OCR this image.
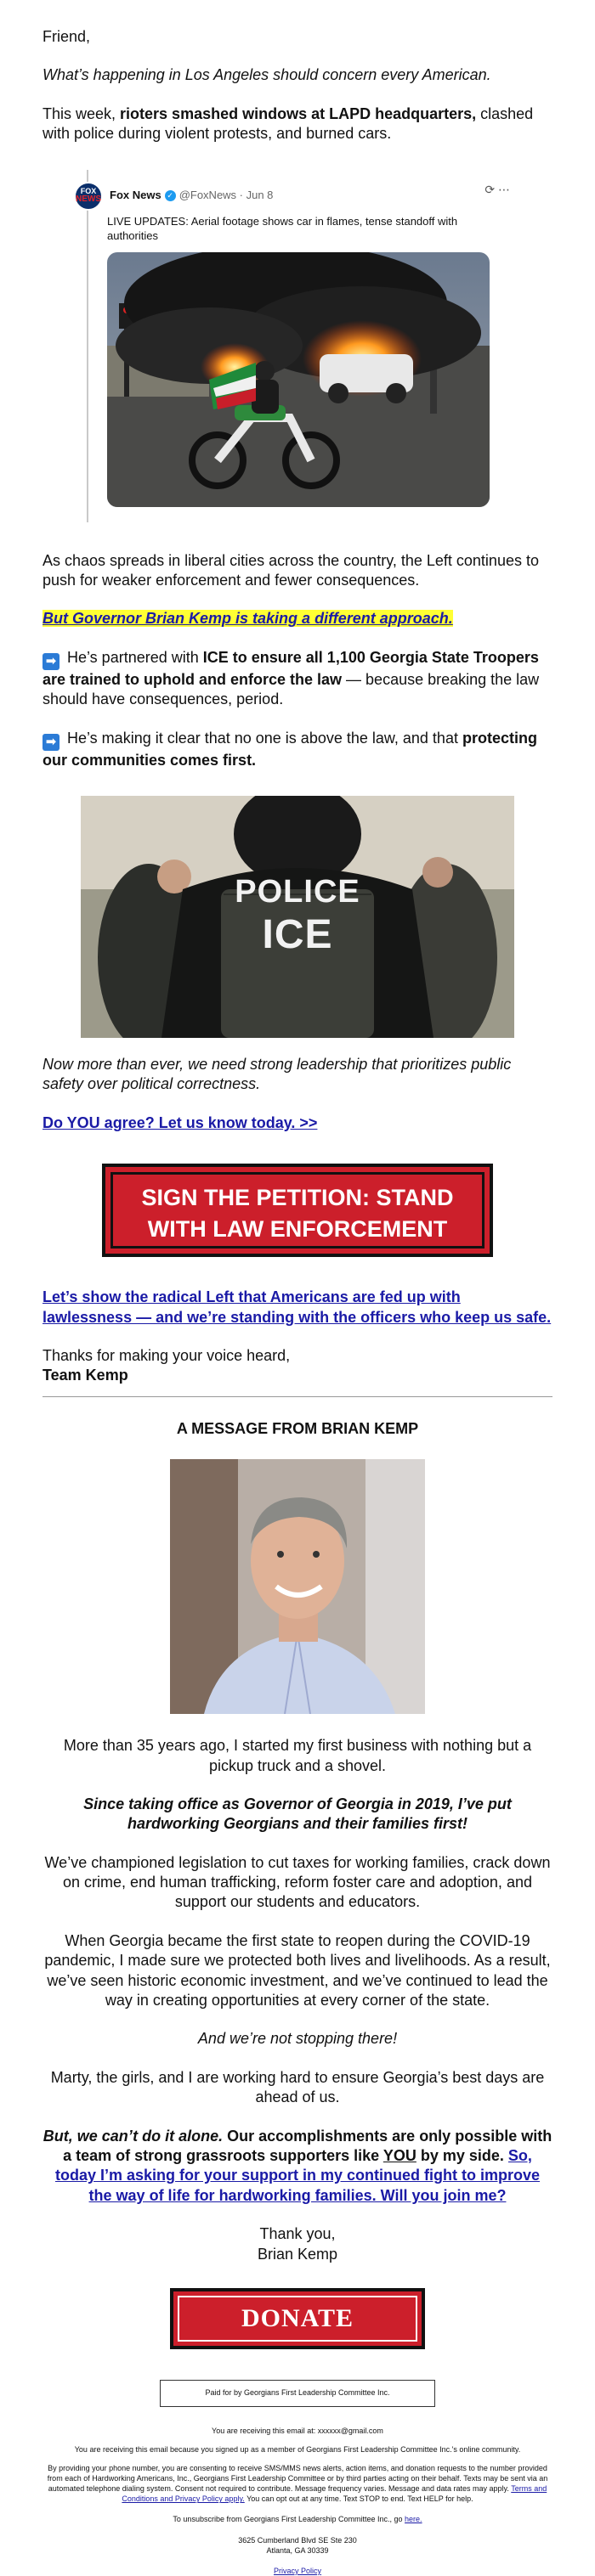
Friend,

What’s happening in Los Angeles should concern every American.

This week, rioters smashed windows at LAPD headquarters, clashed with police during violent protests, and burned cars.

FOX
NEWS Fox News ✓ @FoxNews · Jun 8	⟳ ⋯

LIVE UPDATES: Aerial footage shows car in flames, tense standoff with authorities

As chaos spreads in liberal cities across the country, the Left continues to push for weaker enforcement and fewer consequences.

But Governor Brian Kemp is taking a different approach.

➡ He’s partnered with ICE to ensure all 1,100 Georgia State Troopers are trained to uphold and enforce the law — because breaking the law should have consequences, period.

➡ He’s making it clear that no one is above the law, and that protecting our communities comes first.

POLICE
ICE

Now more than ever, we need strong leadership that prioritizes public safety over political correctness.

Do YOU agree? Let us know today. >>

SIGN THE PETITION: STAND WITH LAW ENFORCEMENT

Let’s show the radical Left that Americans are fed up with lawlessness — and we’re standing with the officers who keep us safe.

Thanks for making your voice heard,

Team Kemp

A MESSAGE FROM BRIAN KEMP

More than 35 years ago, I started my first business with nothing but a pickup truck and a shovel.

Since taking office as Governor of Georgia in 2019, I’ve put hardworking Georgians and their families first!

We’ve championed legislation to cut taxes for working families, crack down on crime, end human trafficking, reform foster care and adoption, and support our students and educators.

When Georgia became the first state to reopen during the COVID-19 pandemic, I made sure we protected both lives and livelihoods. As a result, we’ve seen historic economic investment, and we’ve continued to lead the way in creating opportunities at every corner of the state.

And we’re not stopping there!

Marty, the girls, and I are working hard to ensure Georgia’s best days are ahead of us.

But, we can’t do it alone. Our accomplishments are only possible with a team of strong grassroots supporters like YOU by my side. So, today I’m asking for your support in my continued fight to improve the way of life for hardworking families. Will you join me?

Thank you,

Brian Kemp

DONATE
Paid for by Georgians First Leadership Committee Inc.

You are receiving this email at: xxxxxx@gmail.com

You are receiving this email because you signed up as a member of Georgians First Leadership Committee Inc.'s online community.

By providing your phone number, you are consenting to receive SMS/MMS news alerts, action items, and donation requests to the number provided from each of Hardworking Americans, Inc., Georgians First Leadership Committee or by third parties acting on their behalf. Texts may be sent via an automated telephone dialing system. Consent not required to contribute. Message frequency varies. Message and data rates may apply. Terms and Conditions and Privacy Policy apply. You can opt out at any time. Text STOP to end. Text HELP for help.

To unsubscribe from Georgians First Leadership Committee Inc., go here.

3625 Cumberland Blvd SE Ste 230

Atlanta, GA 30339

Privacy Policy
